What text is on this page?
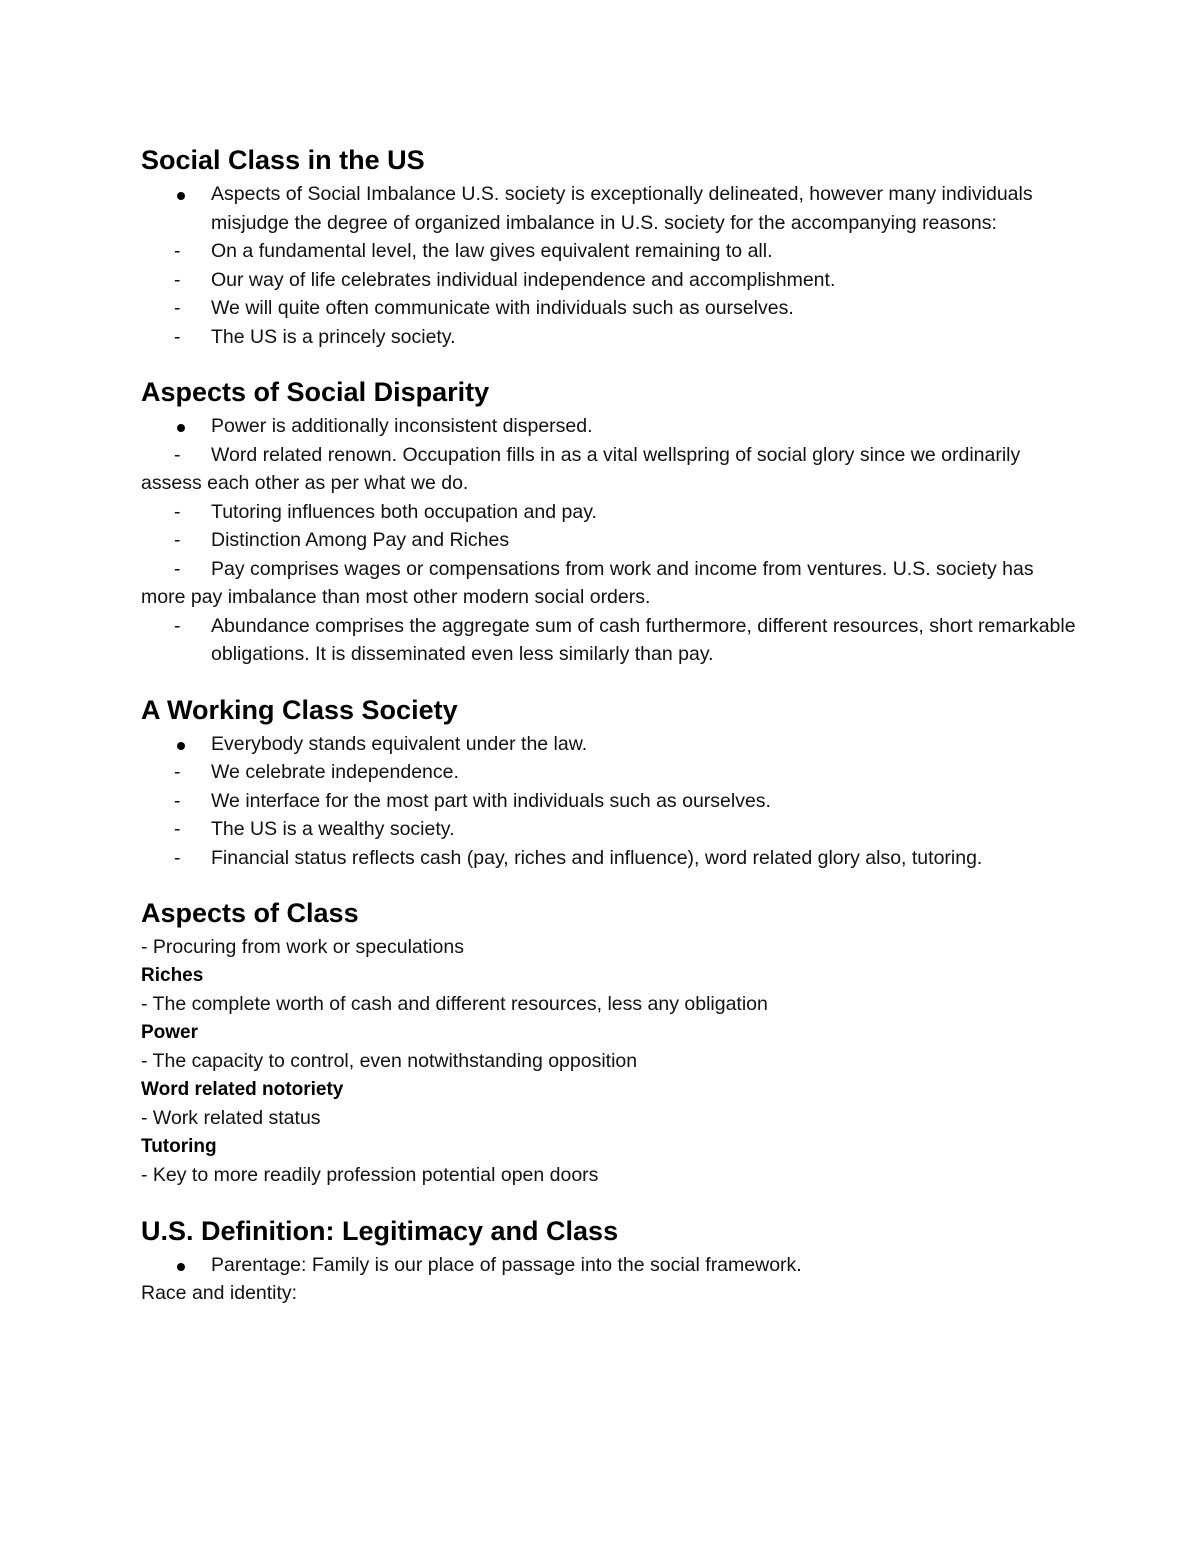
Social Class in the US
Aspects of Social Imbalance U.S. society is exceptionally delineated, however many individuals misjudge the degree of organized imbalance in U.S. society for the accompanying reasons:
-	On a fundamental level, the law gives equivalent remaining to all.
-	Our way of life celebrates individual independence and accomplishment.
-	We will quite often communicate with individuals such as ourselves.
-	The US is a princely society.
Aspects of Social Disparity
Power is additionally inconsistent dispersed.
-	Word related renown. Occupation fills in as a vital wellspring of social glory since we ordinarily assess each other as per what we do.
-	Tutoring influences both occupation and pay.
-	Distinction Among Pay and Riches
-	Pay comprises wages or compensations from work and income from ventures. U.S. society has more pay imbalance than most other modern social orders.
-	Abundance comprises the aggregate sum of cash furthermore, different resources, short remarkable obligations. It is disseminated even less similarly than pay.
A Working Class Society
Everybody stands equivalent under the law.
-	We celebrate independence.
-	We interface for the most part with individuals such as ourselves.
-	The US is a wealthy society.
-	Financial status reflects cash (pay, riches and influence), word related glory also, tutoring.
Aspects of Class
- Procuring from work or speculations
Riches
- The complete worth of cash and different resources, less any obligation
Power
- The capacity to control, even notwithstanding opposition
Word related notoriety
- Work related status
Tutoring
- Key to more readily profession potential open doors
U.S. Definition: Legitimacy and Class
Parentage: Family is our place of passage into the social framework.
Race and identity:
